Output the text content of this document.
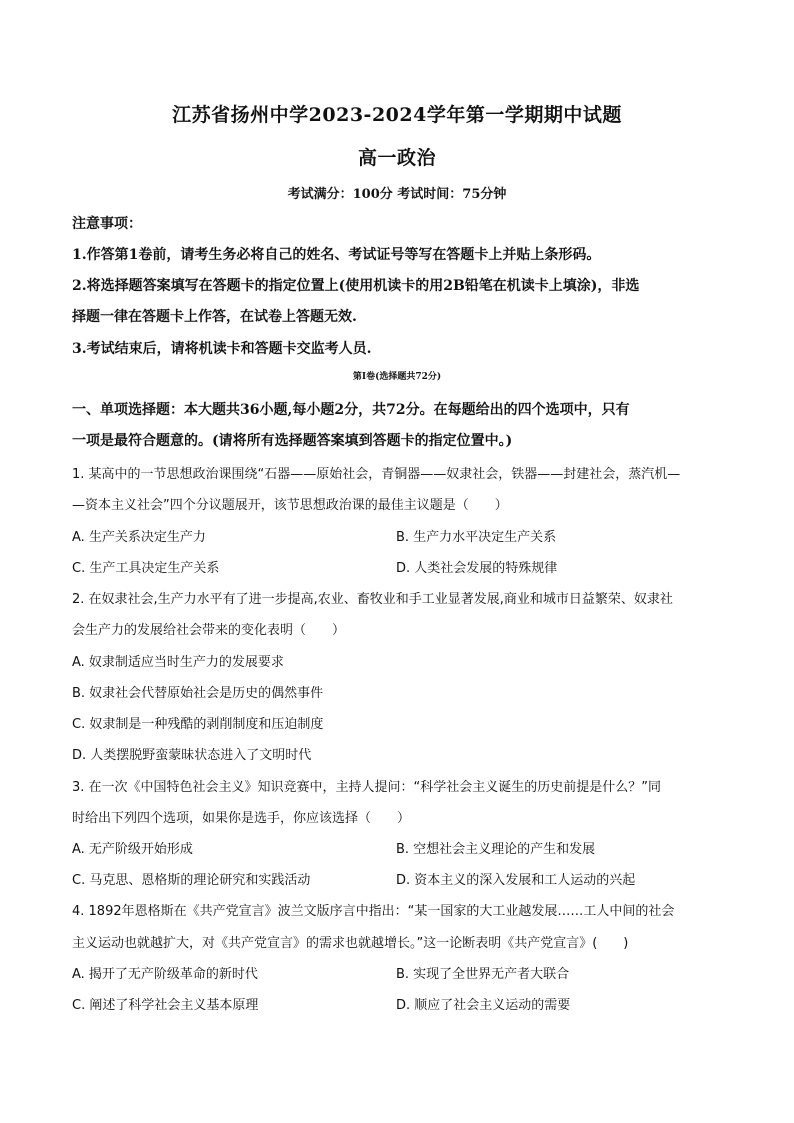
江苏省扬州中学2023-2024学年第一学期期中试题
高一政治
考试满分：100分 考试时间：75分钟
注意事项：
1.作答第1卷前，请考生务必将自己的姓名、考试证号等写在答题卡上并贴上条形码。
2.将选择题答案填写在答题卡的指定位置上(使用机读卡的用2B铅笔在机读卡上填涂)，非选
择题一律在答题卡上作答，在试卷上答题无效.
3.考试结束后，请将机读卡和答题卡交监考人员.
第Ⅰ卷(选择题共72分)
一、单项选择题：本大题共36小题,每小题2分，共72分。在每题给出的四个选项中，只有
一项是最符合题意的。(请将所有选择题答案填到答题卡的指定位置中。)
1. 某高中的一节思想政治课围绕“石器——原始社会，青铜器——奴隶社会，铁器——封建社会，蒸汽机—
—资本主义社会”四个分议题展开，该节思想政治课的最佳主议题是（　　）
A. 生产关系决定生产力	B. 生产力水平决定生产关系
C. 生产工具决定生产关系	D. 人类社会发展的特殊规律
2. 在奴隶社会,生产力水平有了进一步提高,农业、畜牧业和手工业显著发展,商业和城市日益繁荣、奴隶社
会生产力的发展给社会带来的变化表明（　　）
A. 奴隶制适应当时生产力的发展要求
B. 奴隶社会代替原始社会是历史的偶然事件
C. 奴隶制是一种残酷的剥削制度和压迫制度
D. 人类摆脱野蛮蒙昧状态进入了文明时代
3. 在一次《中国特色社会主义》知识竞赛中，主持人提问：“科学社会主义诞生的历史前提是什么？”同
时给出下列四个选项，如果你是选手，你应该选择（　　）
A. 无产阶级开始形成	B. 空想社会主义理论的产生和发展
C. 马克思、恩格斯的理论研究和实践活动	D. 资本主义的深入发展和工人运动的兴起
4. 1892年恩格斯在《共产党宣言》波兰文版序言中指出：“某一国家的大工业越发展……工人中间的社会
主义运动也就越扩大，对《共产党宣言》的需求也就越增长。”这一论断表明《共产党宣言》(　　)
A. 揭开了无产阶级革命的新时代	B. 实现了全世界无产者大联合
C. 阐述了科学社会主义基本原理	D. 顺应了社会主义运动的需要
